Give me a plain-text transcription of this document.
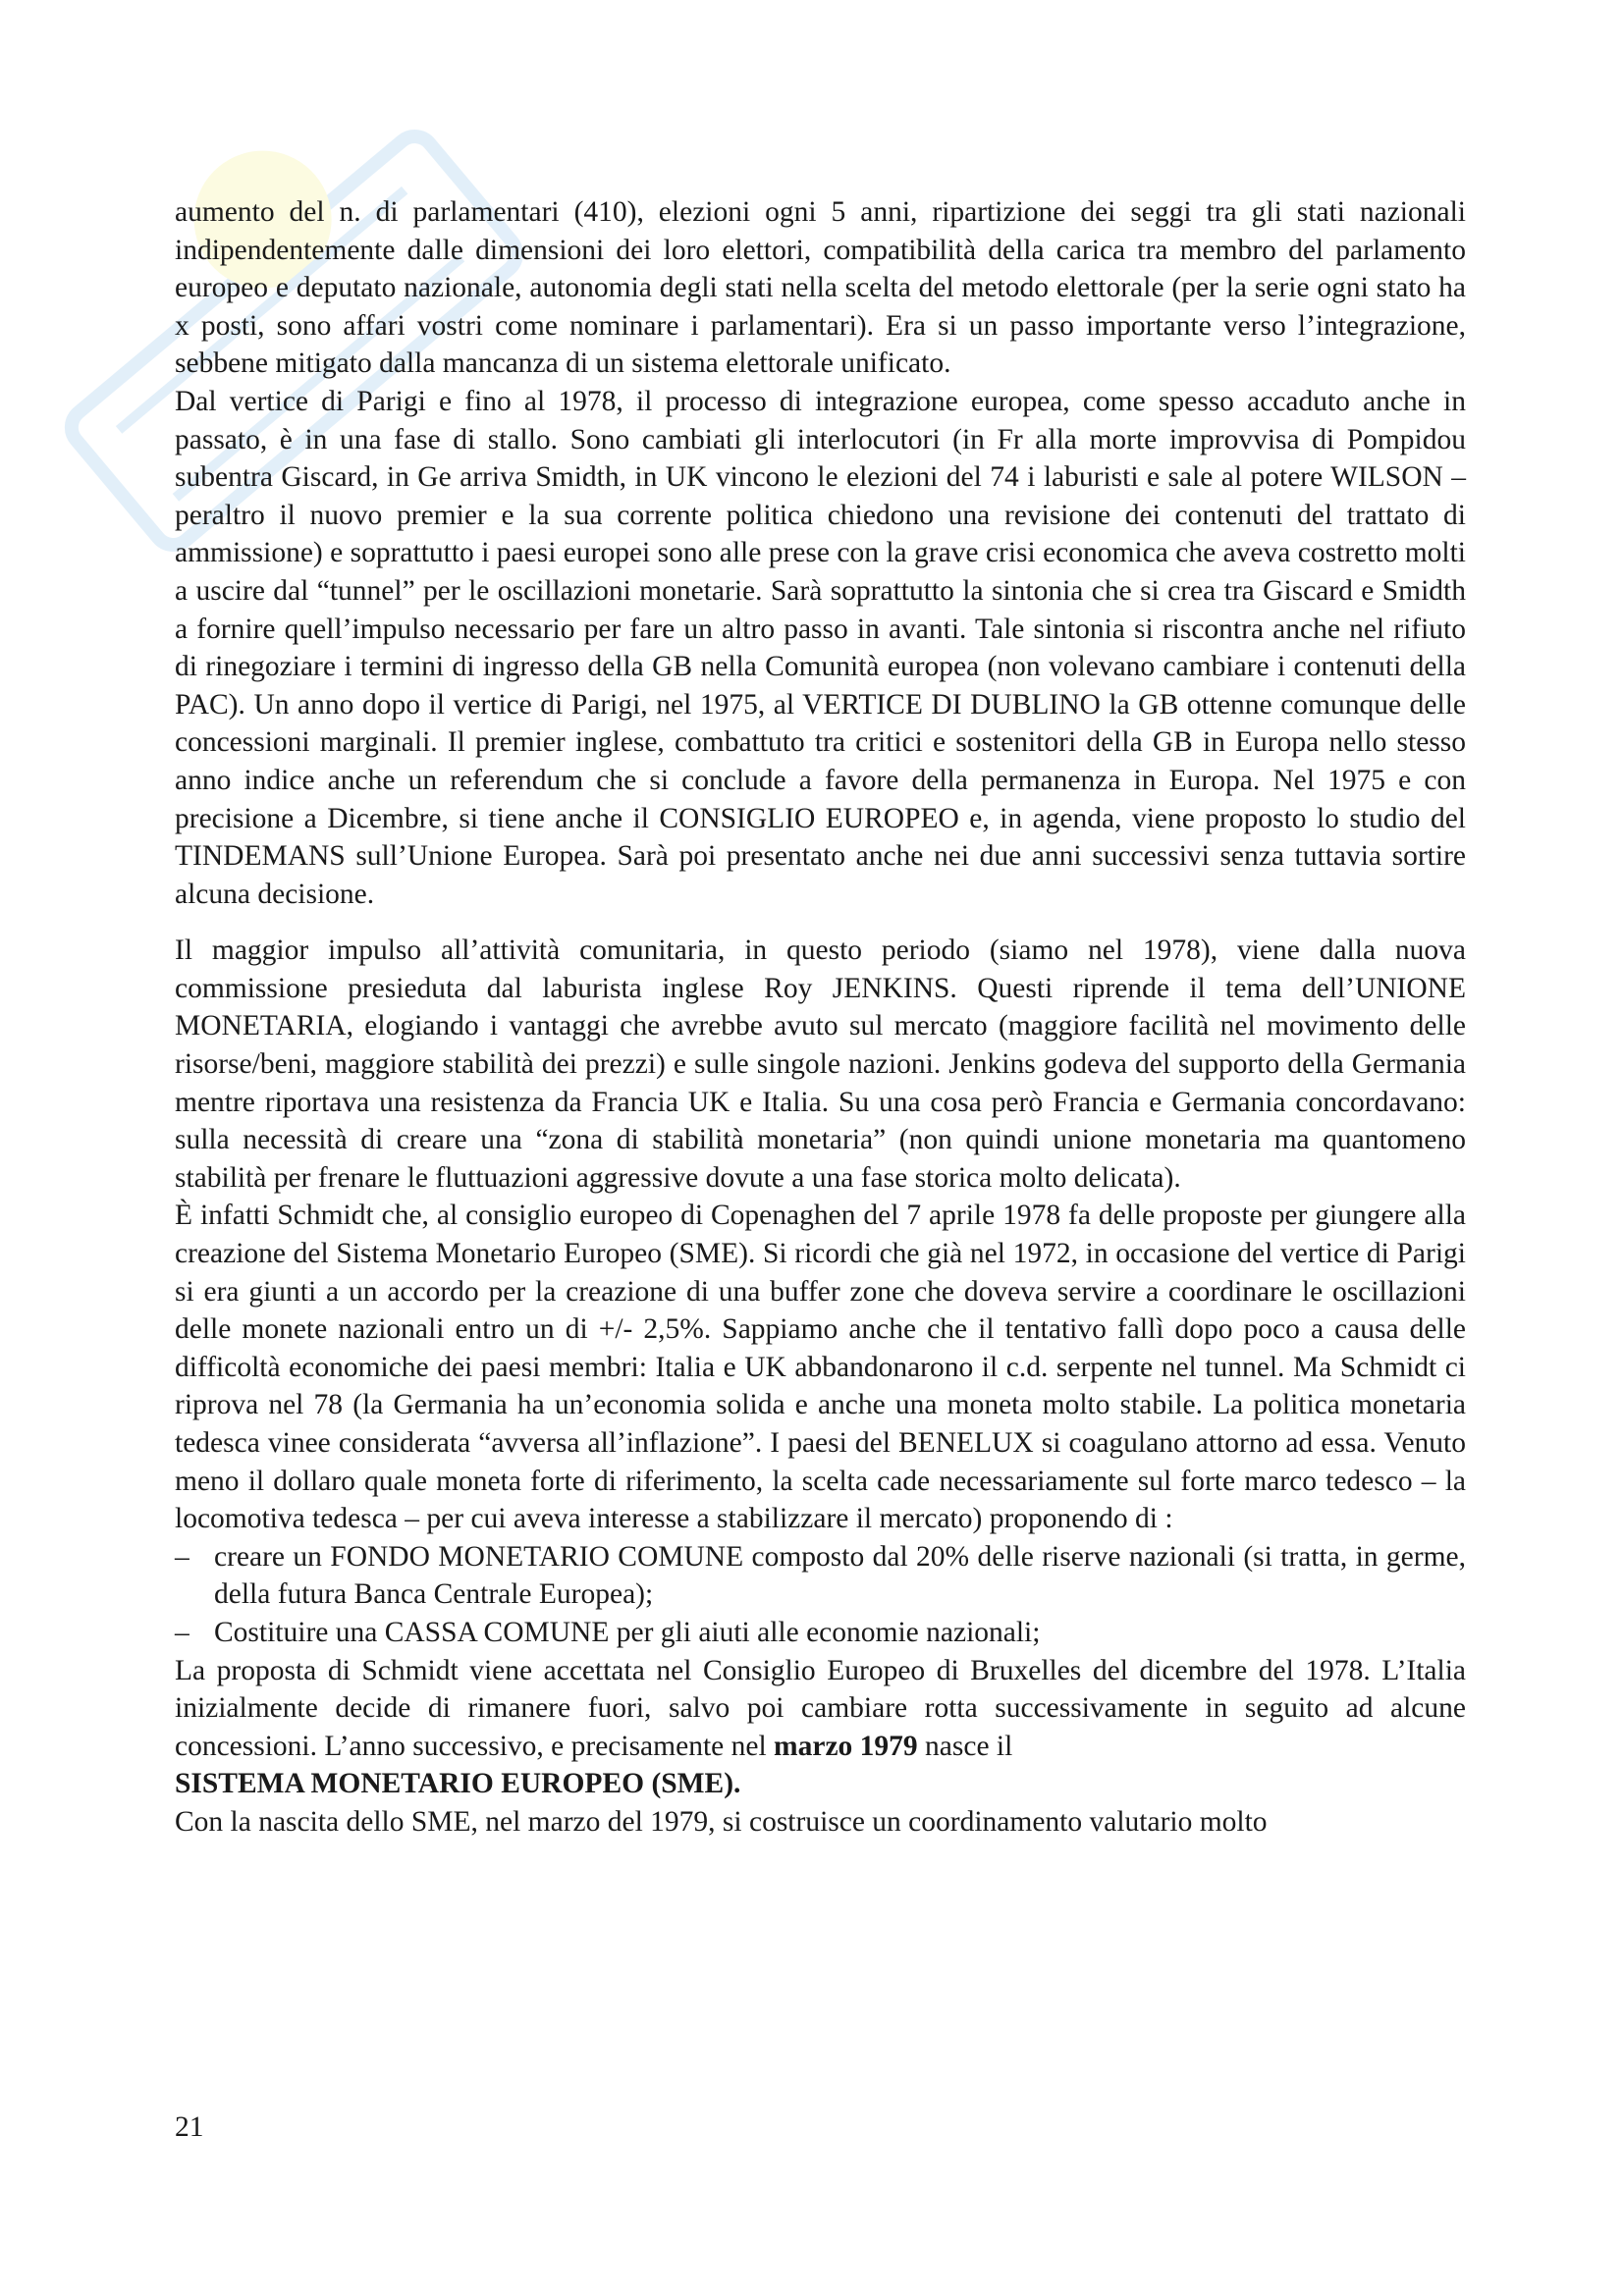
aumento del n. di parlamentari (410), elezioni ogni 5 anni, ripartizione dei seggi tra gli stati nazionali indipendentemente dalle dimensioni dei loro elettori, compatibilità della carica tra membro del parlamento europeo e deputato nazionale, autonomia degli stati nella scelta del metodo elettorale (per la serie ogni stato ha x posti, sono affari vostri come nominare i parlamentari). Era si un passo importante verso l’integrazione, sebbene mitigato dalla mancanza di un sistema elettorale unificato.

Dal vertice di Parigi e fino al 1978, il processo di integrazione europea, come spesso accaduto anche in passato, è in una fase di stallo. Sono cambiati gli interlocutori (in Fr alla morte improvvisa di Pompidou subentra Giscard, in Ge arriva Smidth, in UK vincono le elezioni del 74 i laburisti e sale al potere WILSON – peraltro il nuovo premier e la sua corrente politica chiedono una revisione dei contenuti del trattato di ammissione) e soprattutto i paesi europei sono alle prese con la grave crisi economica che aveva costretto molti a uscire dal “tunnel” per le oscillazioni monetarie. Sarà soprattutto la sintonia che si crea tra Giscard e Smidth a fornire quell’impulso necessario per fare un altro passo in avanti. Tale sintonia si riscontra anche nel rifiuto di rinegoziare i termini di ingresso della GB nella Comunità europea (non volevano cambiare i contenuti della PAC). Un anno dopo il vertice di Parigi, nel 1975, al VERTICE DI DUBLINO la GB ottenne comunque delle concessioni marginali. Il premier inglese, combattuto tra critici e sostenitori della GB in Europa nello stesso anno indice anche un referendum che si conclude a favore della permanenza in Europa. Nel 1975 e con precisione a Dicembre, si tiene anche il CONSIGLIO EUROPEO e, in agenda, viene proposto lo studio del TINDEMANS sull’Unione Europea. Sarà poi presentato anche nei due anni successivi senza tuttavia sortire alcuna decisione.

Il maggior impulso all’attività comunitaria, in questo periodo (siamo nel 1978), viene dalla nuova commissione presieduta dal laburista inglese Roy JENKINS. Questi riprende il tema dell’UNIONE MONETARIA, elogiando i vantaggi che avrebbe avuto sul mercato (maggiore facilità nel movimento delle risorse/beni, maggiore stabilità dei prezzi) e sulle singole nazioni. Jenkins godeva del supporto della Germania mentre riportava una resistenza da Francia UK e Italia. Su una cosa però Francia e Germania concordavano: sulla necessità di creare una “zona di stabilità monetaria” (non quindi unione monetaria ma quantomeno stabilità per frenare le fluttuazioni aggressive dovute a una fase storica molto delicata).

È infatti Schmidt che, al consiglio europeo di Copenaghen del 7 aprile 1978 fa delle proposte per giungere alla creazione del Sistema Monetario Europeo (SME). Si ricordi che già nel 1972, in occasione del vertice di Parigi si era giunti a un accordo per la creazione di una buffer zone che doveva servire a coordinare le oscillazioni delle monete nazionali entro un di +/- 2,5%. Sappiamo anche che il tentativo fallì dopo poco a causa delle difficoltà economiche dei paesi membri: Italia e UK abbandonarono il c.d. serpente nel tunnel. Ma Schmidt ci riprova nel 78 (la Germania ha un’economia solida e anche una moneta molto stabile. La politica monetaria tedesca vinee considerata “avversa all’inflazione”. I paesi del BENELUX si coagulano attorno ad essa. Venuto meno il dollaro quale moneta forte di riferimento, la scelta cade necessariamente sul forte marco tedesco – la locomotiva tedesca – per cui aveva interesse a stabilizzare il mercato) proponendo di :

– creare un FONDO MONETARIO COMUNE composto dal 20% delle riserve nazionali (si tratta, in germe, della futura Banca Centrale Europea);
– Costituire una CASSA COMUNE per gli aiuti alle economie nazionali;

La proposta di Schmidt viene accettata nel Consiglio Europeo di Bruxelles del dicembre del 1978. L’Italia inizialmente decide di rimanere fuori, salvo poi cambiare rotta successivamente in seguito ad alcune concessioni. L’anno successivo, e precisamente nel marzo 1979 nasce il
SISTEMA MONETARIO EUROPEO (SME).

Con la nascita dello SME, nel marzo del 1979, si costruisce un coordinamento valutario molto

21
